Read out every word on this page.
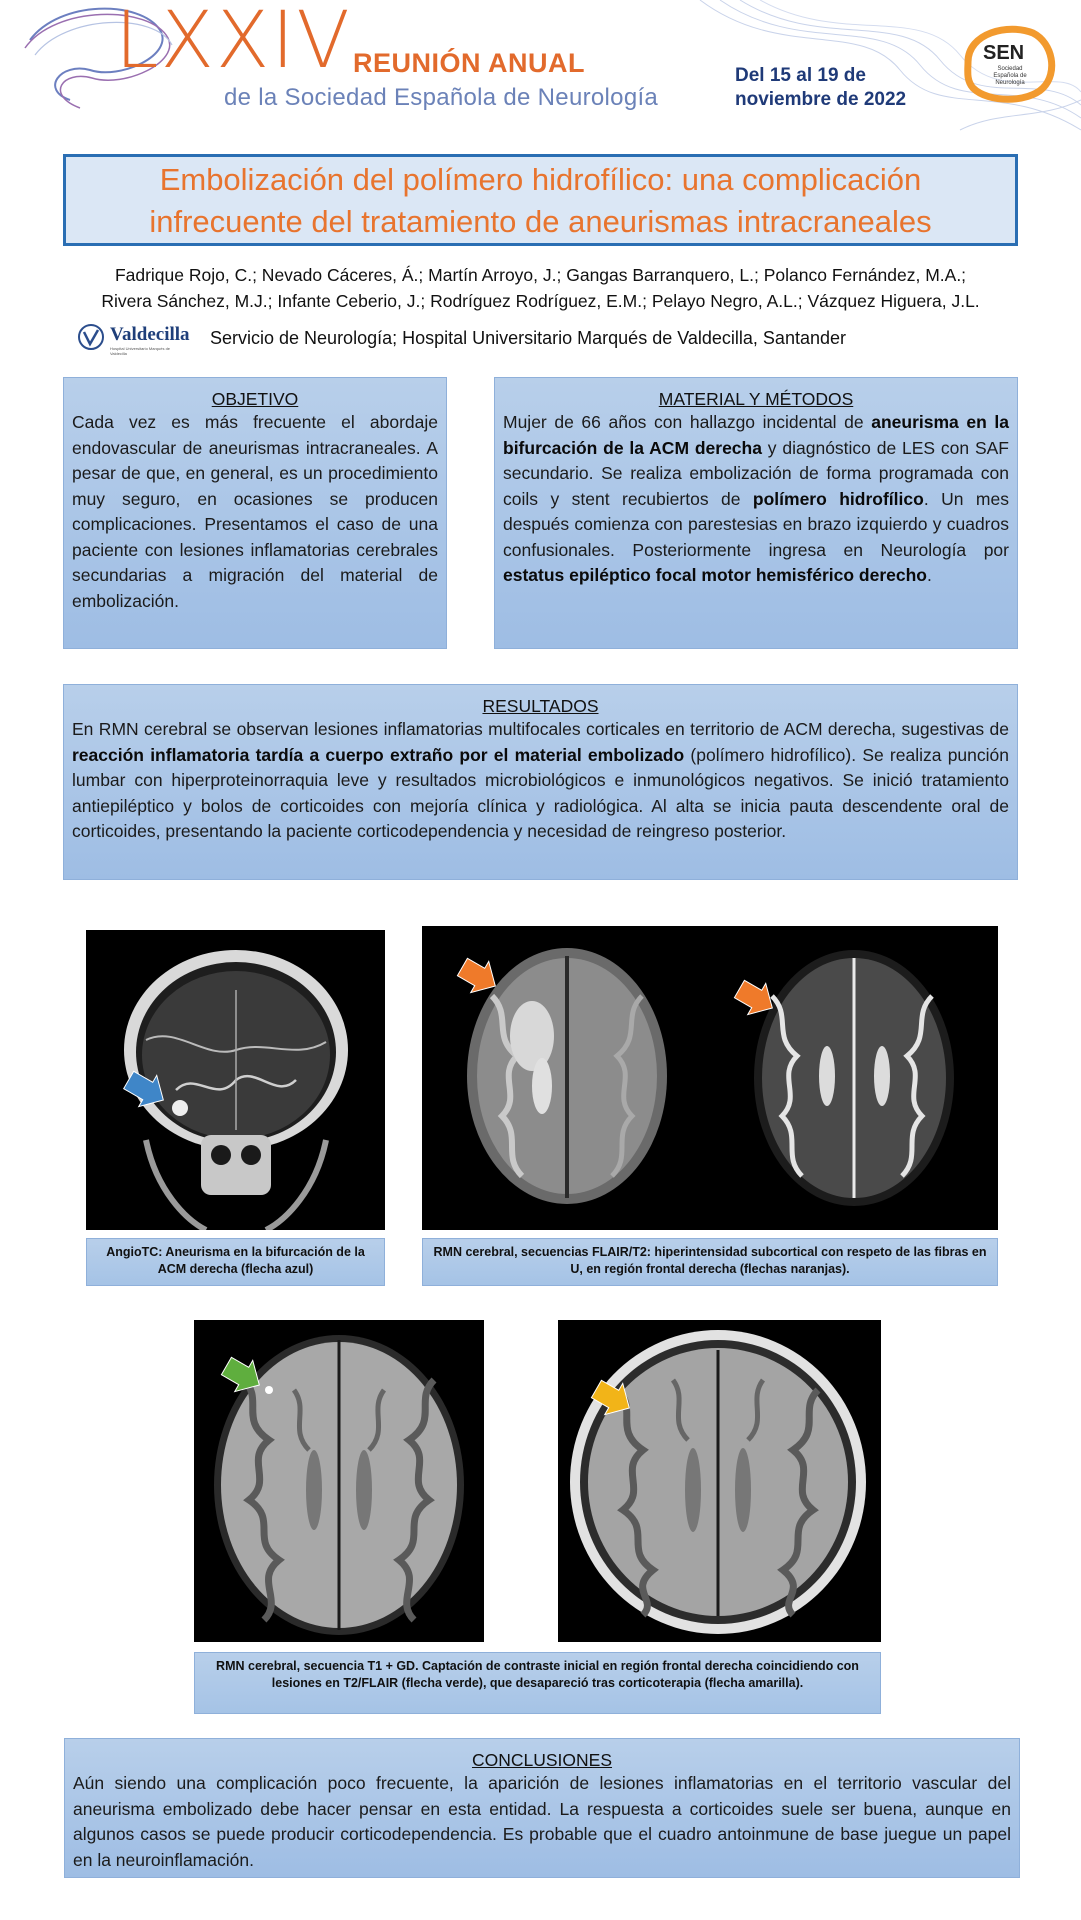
LXXIV REUNIÓN ANUAL
de la Sociedad Española de Neurología
Del 15 al 19 de
noviembre de 2022
SEN
Sociedad Española de Neurología
Embolización del polímero hidrofílico: una complicación
infrecuente del tratamiento de aneurismas intracraneales
Fadrique Rojo, C.; Nevado Cáceres, Á.; Martín Arroyo, J.; Gangas Barranquero, L.; Polanco Fernández, M.A.;
Rivera Sánchez, M.J.; Infante Ceberio, J.; Rodríguez Rodríguez, E.M.; Pelayo Negro, A.L.; Vázquez Higuera, J.L.
Valdecilla
Hospital Universitario Marqués de Valdecilla
Servicio de Neurología; Hospital Universitario Marqués de Valdecilla, Santander
OBJETIVO
Cada vez es más frecuente el abordaje endovascular de aneurismas intracraneales. A pesar de que, en general, es un procedimiento muy seguro, en ocasiones se producen complicaciones. Presentamos el caso de una paciente con lesiones inflamatorias cerebrales secundarias a migración del material de embolización.
MATERIAL Y MÉTODOS
Mujer de 66 años con hallazgo incidental de aneurisma en la bifurcación de la ACM derecha y diagnóstico de LES con SAF secundario. Se realiza embolización de forma programada con coils y stent recubiertos de polímero hidrofílico. Un mes después comienza con parestesias en brazo izquierdo y cuadros confusionales. Posteriormente ingresa en Neurología por estatus epiléptico focal motor hemisférico derecho.
RESULTADOS
En RMN cerebral se observan lesiones inflamatorias multifocales corticales en territorio de ACM derecha, sugestivas de reacción inflamatoria tardía a cuerpo extraño por el material embolizado (polímero hidrofílico). Se realiza punción lumbar con hiperproteinorraquia leve y resultados microbiológicos e inmunológicos negativos. Se inició tratamiento antiepiléptico y bolos de corticoides con mejoría clínica y radiológica. Al alta se inicia pauta descendente oral de corticoides, presentando la paciente corticodependencia y necesidad de reingreso posterior.
AngioTC: Aneurisma en la bifurcación de la ACM derecha (flecha azul)
RMN cerebral, secuencias FLAIR/T2: hiperintensidad subcortical con respeto de las fibras en U, en región frontal derecha (flechas naranjas).
RMN cerebral, secuencia T1 + GD. Captación de contraste inicial en región frontal derecha coincidiendo con lesiones en T2/FLAIR (flecha verde), que desapareció tras corticoterapia (flecha amarilla).
CONCLUSIONES
Aún siendo una complicación poco frecuente, la aparición de lesiones inflamatorias en el territorio vascular del aneurisma embolizado debe hacer pensar en esta entidad. La respuesta a corticoides suele ser buena, aunque en algunos casos se puede producir corticodependencia. Es probable que el cuadro antoinmune de base juegue un papel en la neuroinflamación.
